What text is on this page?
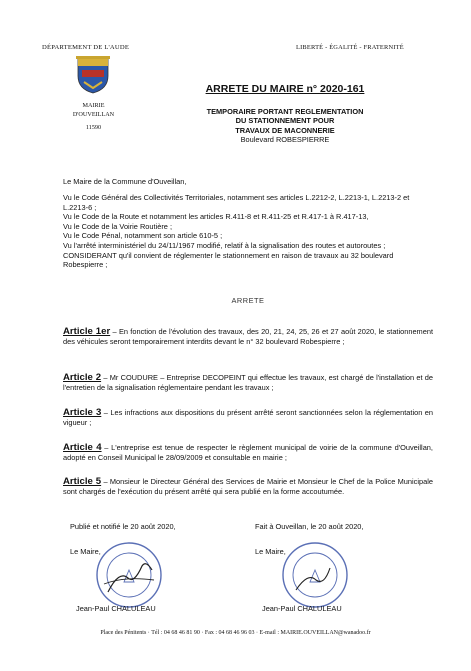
DÉPARTEMENT DE L'AUDE	LIBERTÉ - ÉGALITÉ - FRATERNITÉ
MAIRIE
D'OUVEILLAN
11590
ARRETE DU MAIRE n° 2020-161
TEMPORAIRE PORTANT REGLEMENTATION
DU STATIONNEMENT POUR
TRAVAUX DE MACONNERIE
Boulevard ROBESPIERRE
Le Maire de la Commune d'Ouveillan,
Vu le Code Général des Collectivités Territoriales, notamment ses articles L.2212-2, L.2213-1, L.2213-2 et L.2213-6 ;
Vu le Code de la Route et notamment les articles R.411-8 et R.411-25 et R.417-1 à R.417-13,
Vu le Code de la Voirie Routière ;
Vu le Code Pénal, notamment son article 610-5 ;
Vu l'arrêté interministériel du 24/11/1967 modifié, relatif à la signalisation des routes et autoroutes ;
CONSIDERANT qu'il convient de réglementer le stationnement en raison de travaux au 32 boulevard Robespierre ;
ARRETE
Article 1er – En fonction de l'évolution des travaux, des 20, 21, 24, 25, 26 et 27 août 2020, le stationnement des véhicules seront temporairement interdits devant le n° 32 boulevard Robespierre ;
Article 2 – Mr COUDURE – Entreprise DECOPEINT qui effectue les travaux, est chargé de l'installation et de l'entretien de la signalisation réglementaire pendant les travaux ;
Article 3 – Les infractions aux dispositions du présent arrêté seront sanctionnées selon la réglementation en vigueur ;
Article 4 – L'entreprise est tenue de respecter le règlement municipal de voirie de la commune d'Ouveillan, adopté en Conseil Municipal le 28/09/2009 et consultable en mairie ;
Article 5 – Monsieur le Directeur Général des Services de Mairie et Monsieur le Chef de la Police Municipale sont chargés de l'exécution du présent arrêté qui sera publié en la forme accoutumée.
Publié et notifié le 20 août 2020,	Fait à Ouveillan, le 20 août 2020,
Le Maire,	Le Maire,
Jean-Paul CHALULEAU	Jean-Paul CHALULEAU
Place des Pénitents · Tél : 04 68 46 81 90 · Fax : 04 68 46 96 03 · E-mail : MAIRIE.OUVEILLAN@wanadoo.fr
